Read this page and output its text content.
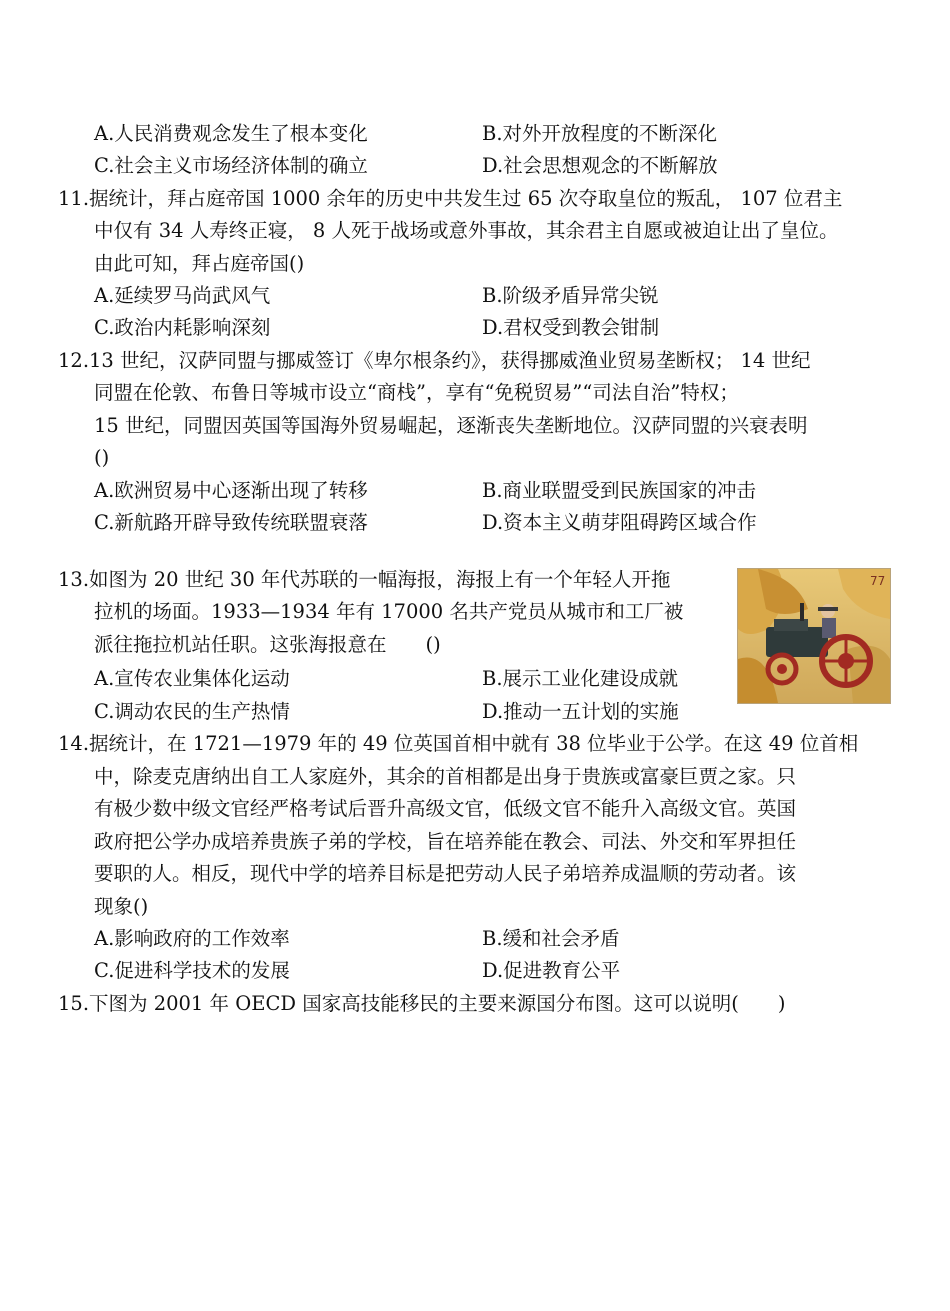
A.人民消费观念发生了根本变化	B.对外开放程度的不断深化
C.社会主义市场经济体制的确立	D.社会思想观念的不断解放
11.据统计，拜占庭帝国 1000 余年的历史中共发生过 65 次夺取皇位的叛乱， 107 位君主
中仅有 34 人寿终正寝， 8 人死于战场或意外事故，其余君主自愿或被迫让出了皇位。
由此可知，拜占庭帝国()
A.延续罗马尚武风气	B.阶级矛盾异常尖锐
C.政治内耗影响深刻	D.君权受到教会钳制
12.13 世纪，汉萨同盟与挪威签订《卑尔根条约》，获得挪威渔业贸易垄断权； 14 世纪
同盟在伦敦、布鲁日等城市设立“商栈”，享有“免税贸易”“司法自治”特权；
15 世纪，同盟因英国等国海外贸易崛起，逐渐丧失垄断地位。汉萨同盟的兴衰表明
()
A.欧洲贸易中心逐渐出现了转移	B.商业联盟受到民族国家的冲击
C.新航路开辟导致传统联盟衰落	D.资本主义萌芽阻碍跨区域合作
13.如图为 20 世纪 30 年代苏联的一幅海报，海报上有一个年轻人开拖
拉机的场面。1933—1934 年有 17000 名共产党员从城市和工厂被
派往拖拉机站任职。这张海报意在　　()
A.宣传农业集体化运动	B.展示工业化建设成就
C.调动农民的生产热情	D.推动一五计划的实施
77
14.据统计，在 1721—1979 年的 49 位英国首相中就有 38 位毕业于公学。在这 49 位首相
中，除麦克唐纳出自工人家庭外，其余的首相都是出身于贵族或富豪巨贾之家。只
有极少数中级文官经严格考试后晋升高级文官，低级文官不能升入高级文官。英国
政府把公学办成培养贵族子弟的学校，旨在培养能在教会、司法、外交和军界担任
要职的人。相反，现代中学的培养目标是把劳动人民子弟培养成温顺的劳动者。该
现象()
A.影响政府的工作效率	B.缓和社会矛盾
C.促进科学技术的发展	D.促进教育公平
15.下图为 2001 年 OECD 国家高技能移民的主要来源国分布图。这可以说明(　　)
